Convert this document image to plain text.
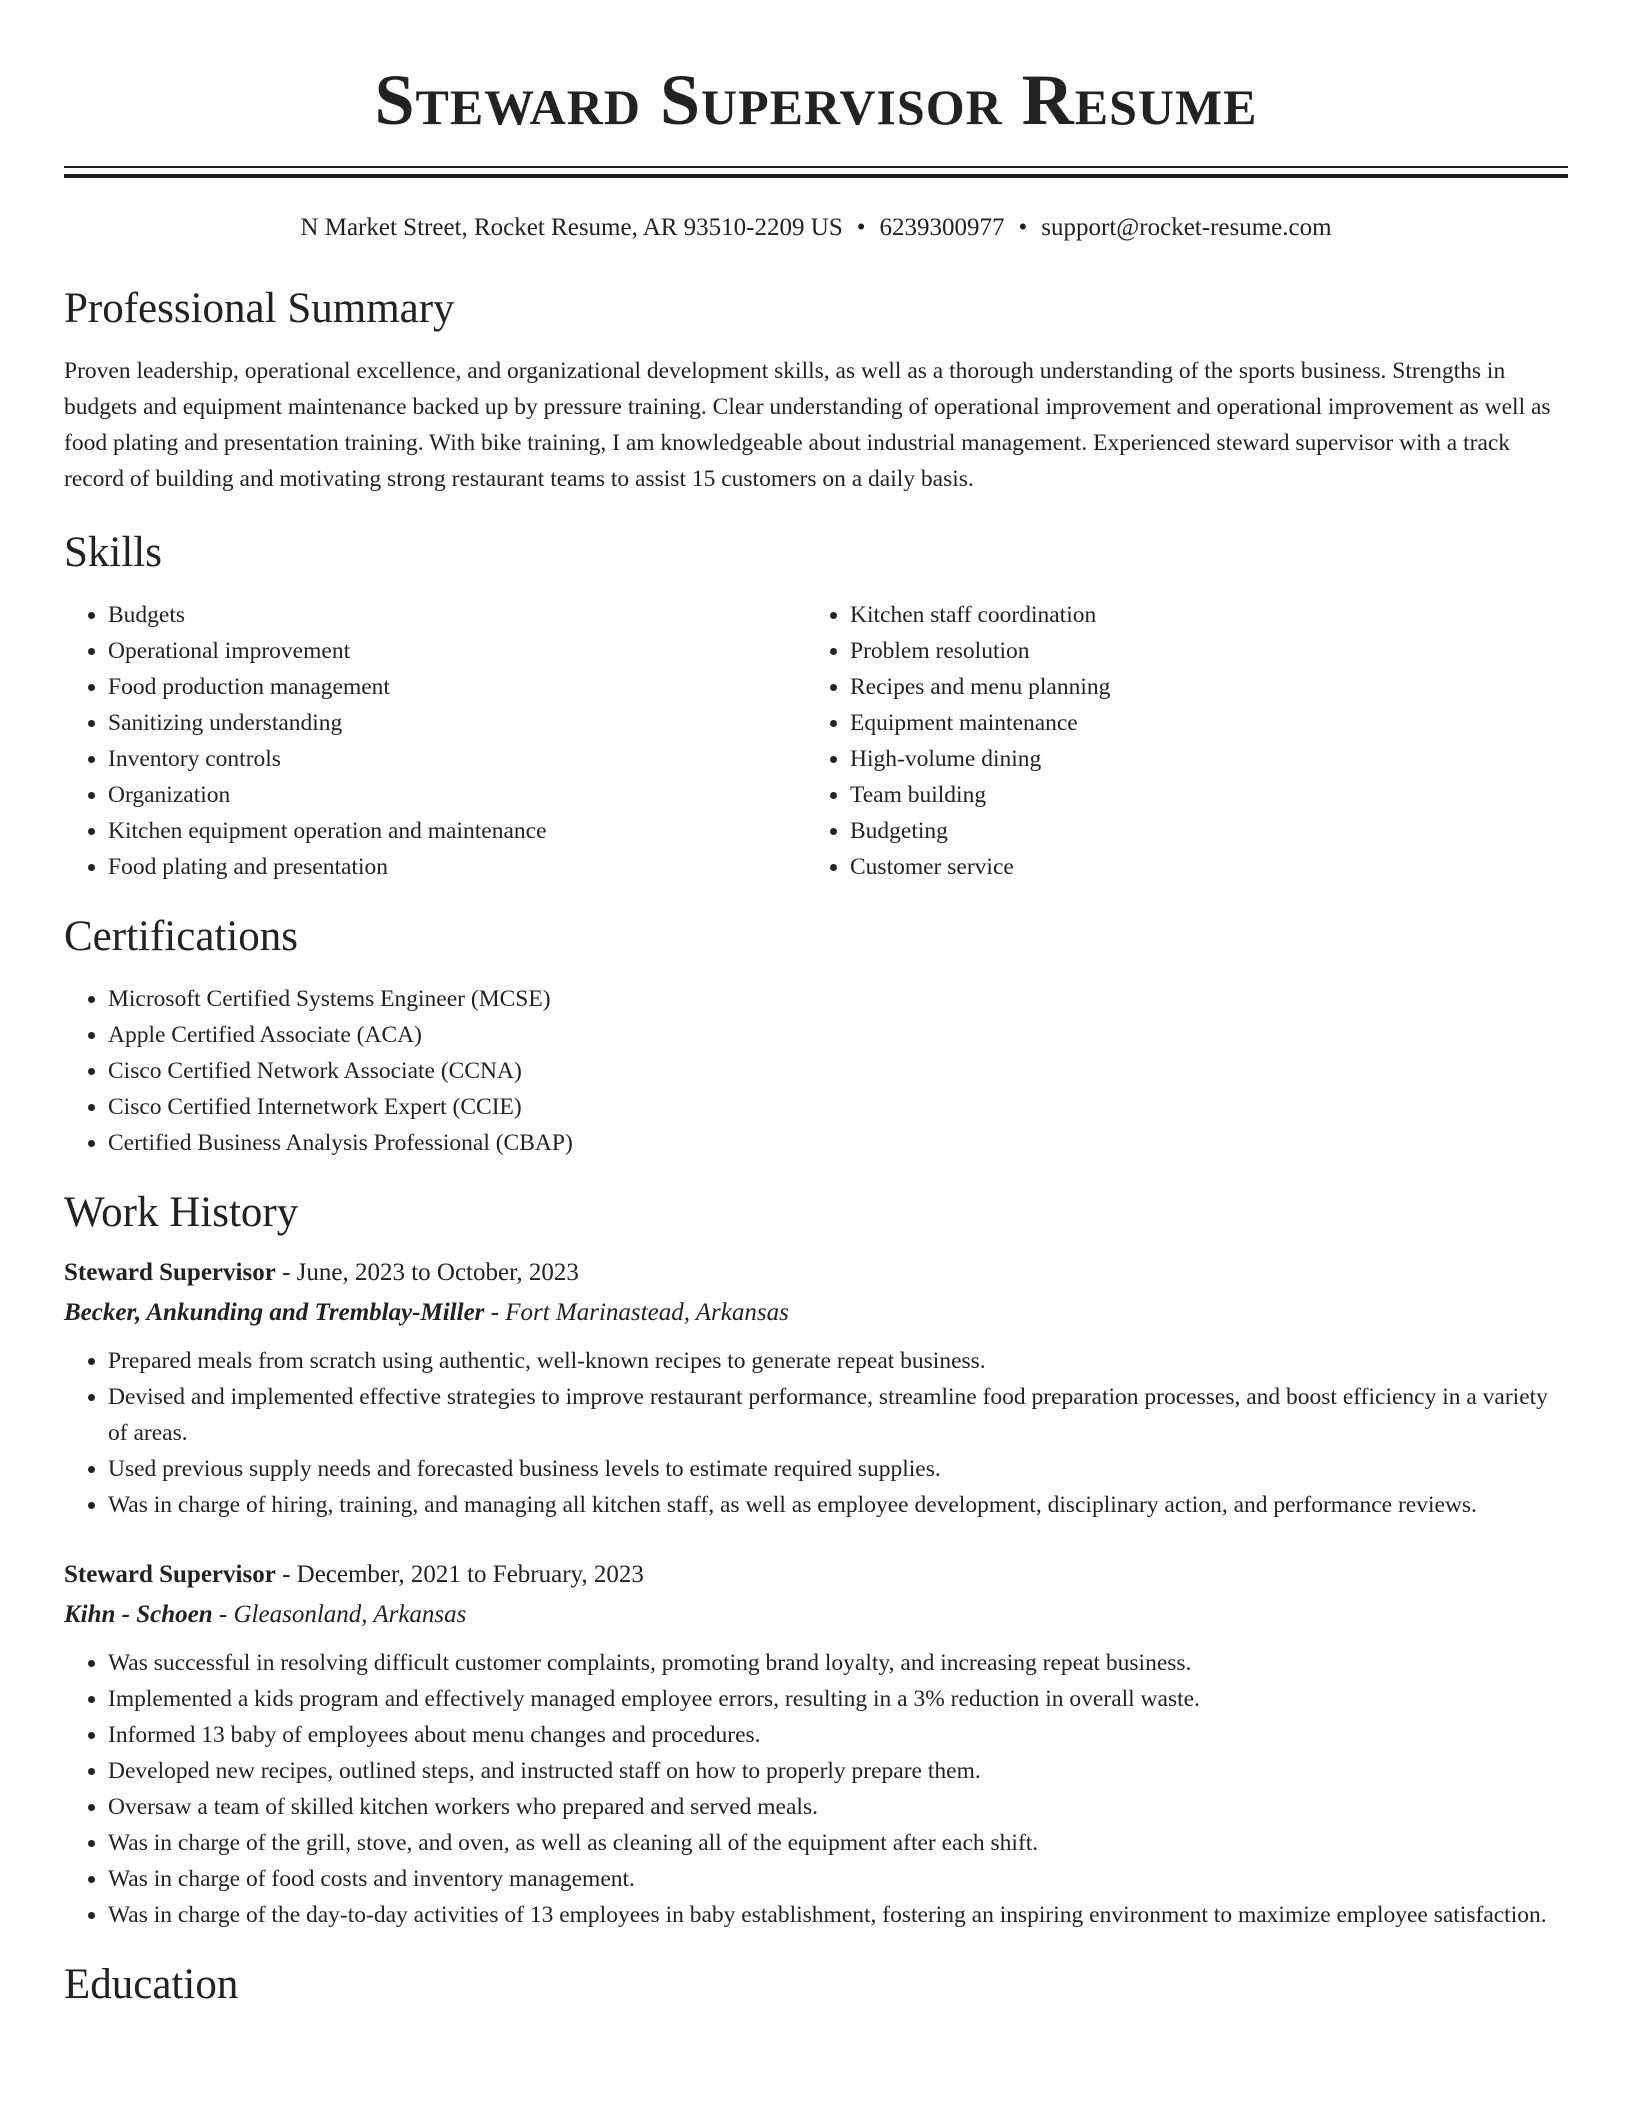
Steward Supervisor Resume
N Market Street, Rocket Resume, AR 93510-2209 US • 6239300977 • support@rocket-resume.com
Professional Summary

Proven leadership, operational excellence, and organizational development skills, as well as a thorough understanding of the sports business. Strengths in budgets and equipment maintenance backed up by pressure training. Clear understanding of operational improvement and operational improvement as well as food plating and presentation training. With bike training, I am knowledgeable about industrial management. Experienced steward supervisor with a track record of building and motivating strong restaurant teams to assist 15 customers on a daily basis.

Skills
• Budgets
• Operational improvement
• Food production management
• Sanitizing understanding
• Inventory controls
• Organization
• Kitchen equipment operation and maintenance
• Food plating and presentation
• Kitchen staff coordination
• Problem resolution
• Recipes and menu planning
• Equipment maintenance
• High-volume dining
• Team building
• Budgeting
• Customer service
Certifications
• Microsoft Certified Systems Engineer (MCSE)
• Apple Certified Associate (ACA)
• Cisco Certified Network Associate (CCNA)
• Cisco Certified Internetwork Expert (CCIE)
• Certified Business Analysis Professional (CBAP)
Work History
Steward Supervisor - June, 2023 to October, 2023
Becker, Ankunding and Tremblay-Miller - Fort Marinastead, Arkansas
• Prepared meals from scratch using authentic, well-known recipes to generate repeat business.
• Devised and implemented effective strategies to improve restaurant performance, streamline food preparation processes, and boost efficiency in a variety of areas.
• Used previous supply needs and forecasted business levels to estimate required supplies.
• Was in charge of hiring, training, and managing all kitchen staff, as well as employee development, disciplinary action, and performance reviews.
Steward Supervisor - December, 2021 to February, 2023
Kihn - Schoen - Gleasonland, Arkansas
• Was successful in resolving difficult customer complaints, promoting brand loyalty, and increasing repeat business.
• Implemented a kids program and effectively managed employee errors, resulting in a 3% reduction in overall waste.
• Informed 13 baby of employees about menu changes and procedures.
• Developed new recipes, outlined steps, and instructed staff on how to properly prepare them.
• Oversaw a team of skilled kitchen workers who prepared and served meals.
• Was in charge of the grill, stove, and oven, as well as cleaning all of the equipment after each shift.
• Was in charge of food costs and inventory management.
• Was in charge of the day-to-day activities of 13 employees in baby establishment, fostering an inspiring environment to maximize employee satisfaction.
Education
